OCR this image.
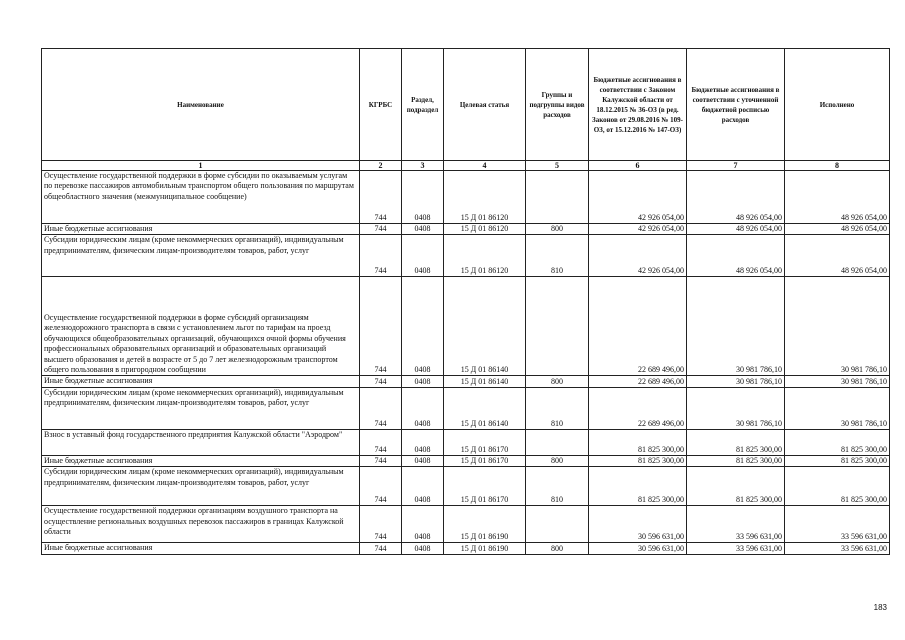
Наименование	КГРБС	Раздел, подраздел	Целевая статья	Группы и подгруппы видов расходов	Бюджетные ассигнования в соответствии с Законом Калужской области от 18.12.2015 № 36-ОЗ (в ред. Законов от 29.08.2016 № 109-ОЗ, от 15.12.2016 № 147-ОЗ)	Бюджетные ассигнования в соответствии с уточненной бюджетной росписью расходов	Исполнено
1	2	3	4	5	6	7	8
Осуществление государственной поддержки в форме субсидии по оказываемым услугам по перевозке пассажиров автомобильным транспортом общего пользования по маршрутам общеобластного значения (межмуниципальное сообщение)	744	0408	15 Д 01 86120		42 926 054,00	48 926 054,00	48 926 054,00
Иные бюджетные ассигнования	744	0408	15 Д 01 86120	800	42 926 054,00	48 926 054,00	48 926 054,00
Субсидии юридическим лицам (кроме некоммерческих организаций), индивидуальным предпринимателям, физическим лицам-производителям товаров, работ, услуг	744	0408	15 Д 01 86120	810	42 926 054,00	48 926 054,00	48 926 054,00
Осуществление государственной поддержки в форме субсидий организациям железнодорожного транспорта в связи с установлением льгот по тарифам на проезд обучающихся общеобразовательных организаций, обучающихся очной формы обучения профессиональных образовательных организаций и образовательных организаций высшего образования и детей в возрасте от 5 до 7 лет железнодорожным транспортом общего пользования в пригородном сообщении	744	0408	15 Д 01 86140		22 689 496,00	30 981 786,10	30 981 786,10
Иные бюджетные ассигнования	744	0408	15 Д 01 86140	800	22 689 496,00	30 981 786,10	30 981 786,10
Субсидии юридическим лицам (кроме некоммерческих организаций), индивидуальным предпринимателям, физическим лицам-производителям товаров, работ, услуг	744	0408	15 Д 01 86140	810	22 689 496,00	30 981 786,10	30 981 786,10
Взнос в уставный фонд государственного предприятия Калужской области "Аэродром"	744	0408	15 Д 01 86170		81 825 300,00	81 825 300,00	81 825 300,00
Иные бюджетные ассигнования	744	0408	15 Д 01 86170	800	81 825 300,00	81 825 300,00	81 825 300,00
Субсидии юридическим лицам (кроме некоммерческих организаций), индивидуальным предпринимателям, физическим лицам-производителям товаров, работ, услуг	744	0408	15 Д 01 86170	810	81 825 300,00	81 825 300,00	81 825 300,00
Осуществление государственной поддержки организациям воздушного транспорта на осуществление региональных воздушных перевозок пассажиров в границах Калужской области	744	0408	15 Д 01 86190		30 596 631,00	33 596 631,00	33 596 631,00
Иные бюджетные ассигнования	744	0408	15 Д 01 86190	800	30 596 631,00	33 596 631,00	33 596 631,00
183
